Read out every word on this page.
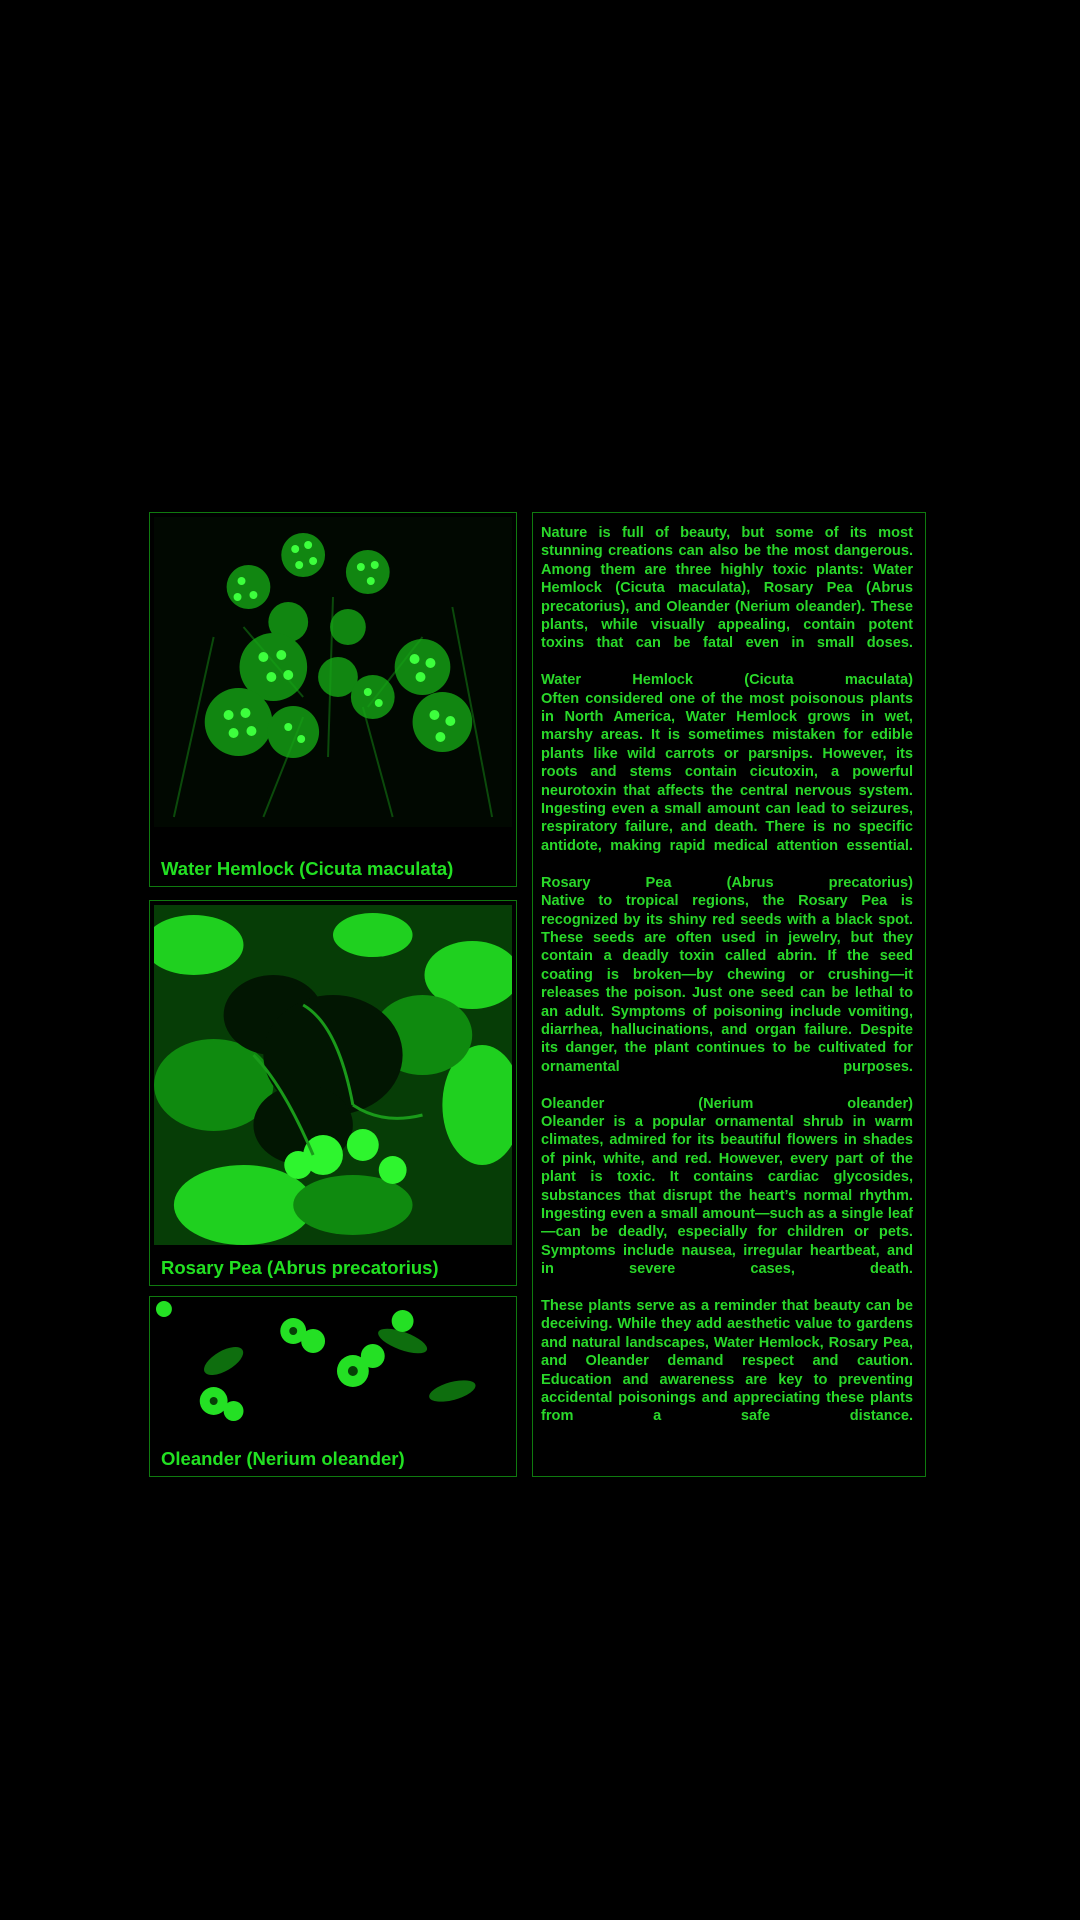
Water Hemlock (Cicuta maculata)
Rosary Pea (Abrus precatorius)
Oleander (Nerium oleander)

Nature is full of beauty, but some of its most stunning creations can also be the most dangerous. Among them are three highly toxic plants: Water Hemlock (Cicuta maculata), Rosary Pea (Abrus precatorius), and Oleander (Nerium oleander). These plants, while visually appealing, contain potent toxins that can be fatal even in small doses.

Water Hemlock (Cicuta maculata)
Often considered one of the most poisonous plants in North America, Water Hemlock grows in wet, marshy areas. It is sometimes mistaken for edible plants like wild carrots or parsnips. However, its roots and stems contain cicutoxin, a powerful neurotoxin that affects the central nervous system. Ingesting even a small amount can lead to seizures, respiratory failure, and death. There is no specific antidote, making rapid medical attention essential.

Rosary Pea (Abrus precatorius)
Native to tropical regions, the Rosary Pea is recognized by its shiny red seeds with a black spot. These seeds are often used in jewelry, but they contain a deadly toxin called abrin. If the seed coating is broken—by chewing or crushing—it releases the poison. Just one seed can be lethal to an adult. Symptoms of poisoning include vomiting, diarrhea, hallucinations, and organ failure. Despite its danger, the plant continues to be cultivated for ornamental purposes.

Oleander (Nerium oleander)
Oleander is a popular ornamental shrub in warm climates, admired for its beautiful flowers in shades of pink, white, and red. However, every part of the plant is toxic. It contains cardiac glycosides, substances that disrupt the heart’s normal rhythm. Ingesting even a small amount—such as a single leaf—can be deadly, especially for children or pets. Symptoms include nausea, irregular heartbeat, and in severe cases, death.

These plants serve as a reminder that beauty can be deceiving. While they add aesthetic value to gardens and natural landscapes, Water Hemlock, Rosary Pea, and Oleander demand respect and caution. Education and awareness are key to preventing accidental poisonings and appreciating these plants from a safe distance.
